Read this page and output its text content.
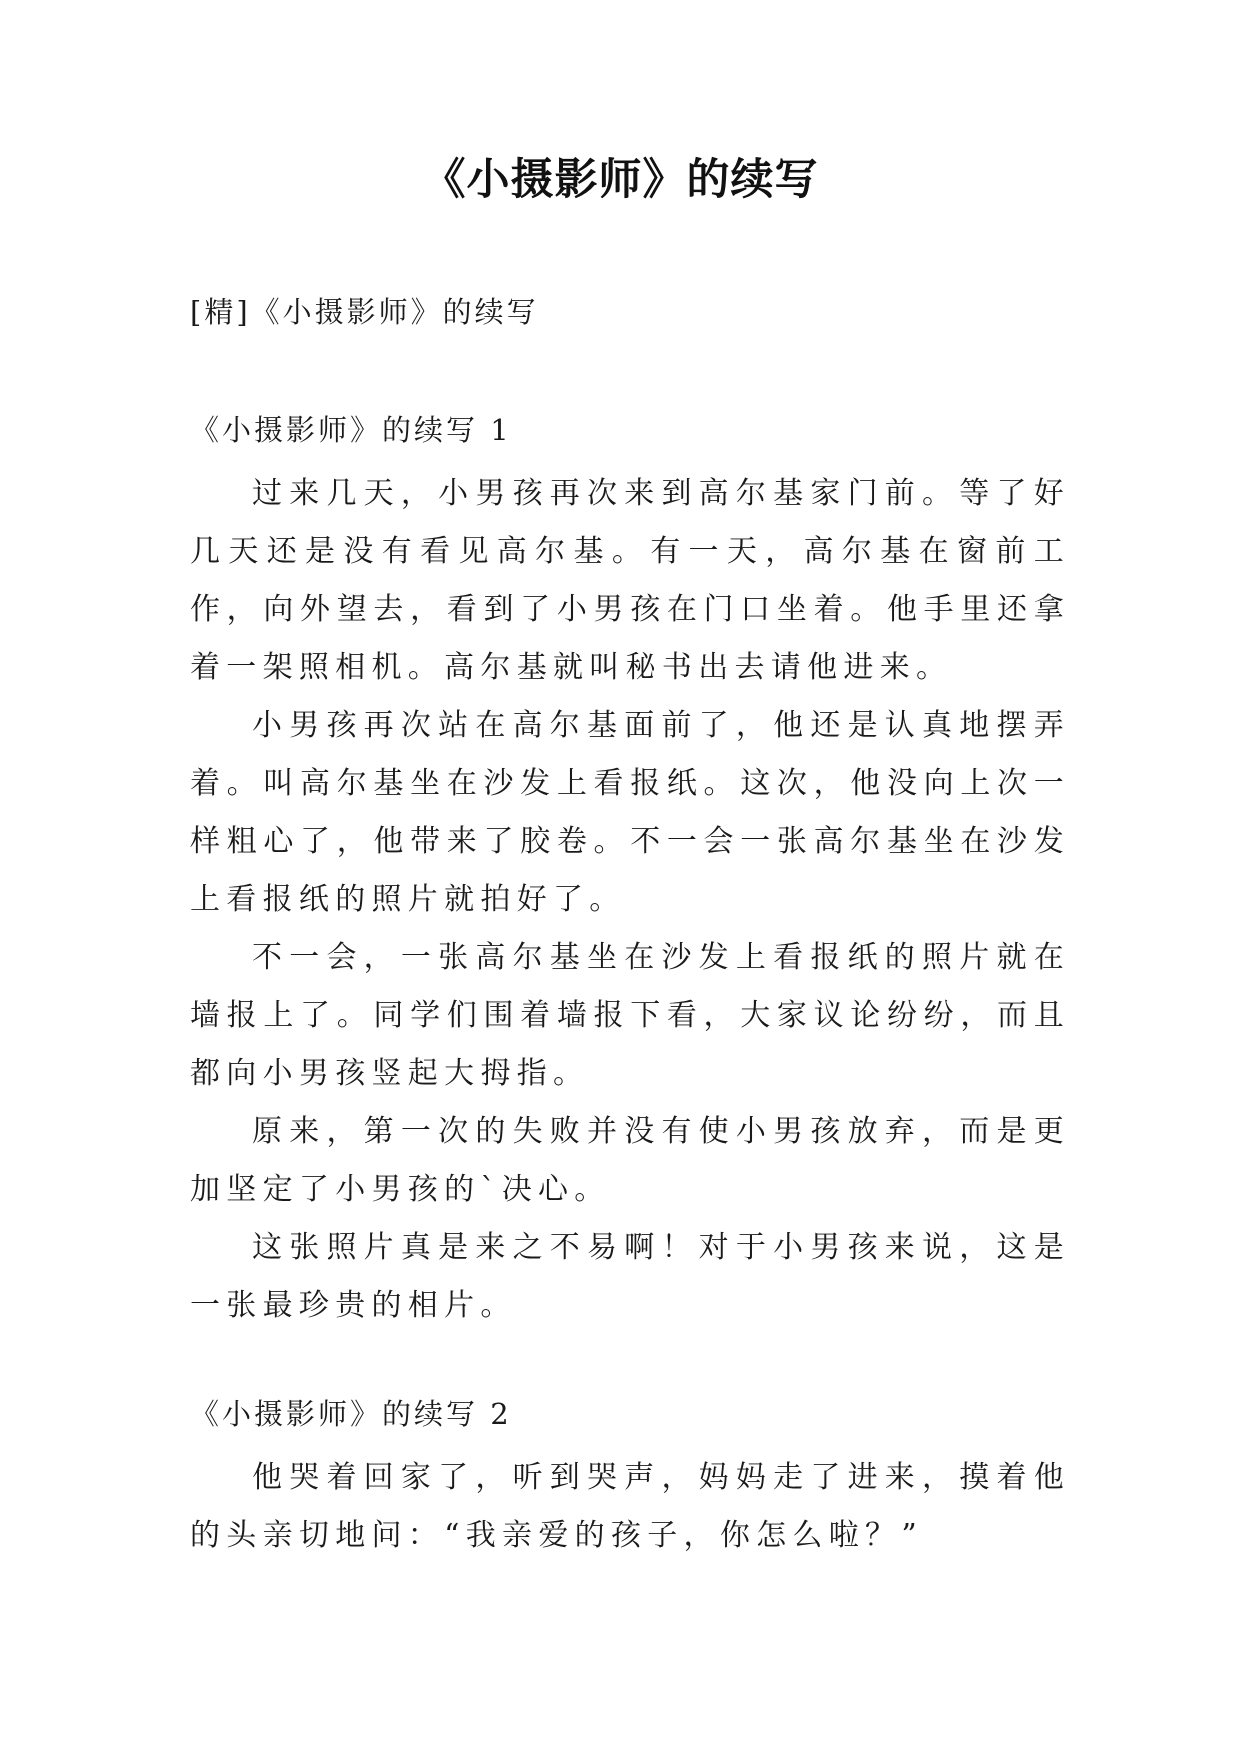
《小摄影师》的续写
[精]《小摄影师》的续写
《小摄影师》的续写 1

过来几天，小男孩再次来到高尔基家门前。等了好几天还是没有看见高尔基。有一天，高尔基在窗前工作，向外望去，看到了小男孩在门口坐着。他手里还拿着一架照相机。高尔基就叫秘书出去请他进来。

小男孩再次站在高尔基面前了，他还是认真地摆弄着。叫高尔基坐在沙发上看报纸。这次，他没向上次一样粗心了，他带来了胶卷。不一会一张高尔基坐在沙发上看报纸的照片就拍好了。

不一会，一张高尔基坐在沙发上看报纸的照片就在墙报上了。同学们围着墙报下看，大家议论纷纷，而且都向小男孩竖起大拇指。

原来，第一次的失败并没有使小男孩放弃，而是更加坚定了小男孩的`决心。

这张照片真是来之不易啊！对于小男孩来说，这是一张最珍贵的相片。

《小摄影师》的续写 2

他哭着回家了，听到哭声，妈妈走了进来，摸着他的头亲切地问：“我亲爱的孩子，你怎么啦？”
